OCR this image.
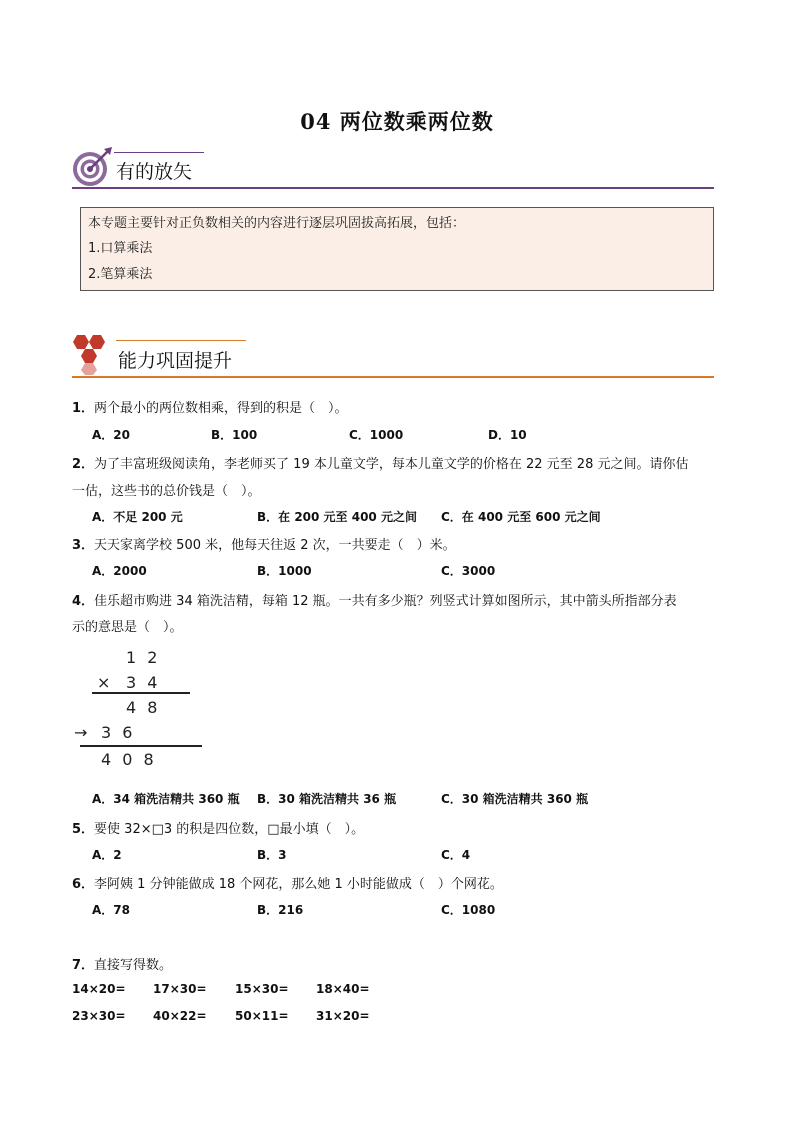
04 两位数乘两位数
有的放矢

本专题主要针对正负数相关的内容进行逐层巩固拔高拓展，包括：

1.口算乘法

2.笔算乘法

能力巩固提升
1．两个最小的两位数相乘，得到的积是（　）。
A．20	B．100	C．1000	D．10
2．为了丰富班级阅读角，李老师买了 19 本儿童文学，每本儿童文学的价格在 22 元至 28 元之间。请你估
一估，这些书的总价钱是（　）。
A．不足 200 元	B．在 200 元至 400 元之间 C．在 400 元至 600 元之间
3．天天家离学校 500 米，他每天往返 2 次，一共要走（　）米。
A．2000	B．1000	C．3000
4．佳乐超市购进 34 箱洗洁精，每箱 12 瓶。一共有多少瓶？列竖式计算如图所示，其中箭头所指部分表
示的意思是（　）。
1 2
× 3 4
4 8
→ 3 6
4 0 8
A．34 箱洗洁精共 360 瓶 B．30 箱洗洁精共 36 瓶	C．30 箱洗洁精共 360 瓶
5．要使 32×□3 的积是四位数，□最小填（　）。
A．2	B．3	C．4
6．李阿姨 1 分钟能做成 18 个网花，那么她 1 小时能做成（　）个网花。
A．78	B．216	C．1080
7．直接写得数。
14×20= 17×30= 15×30= 18×40=
23×30= 40×22= 50×11= 31×20=
